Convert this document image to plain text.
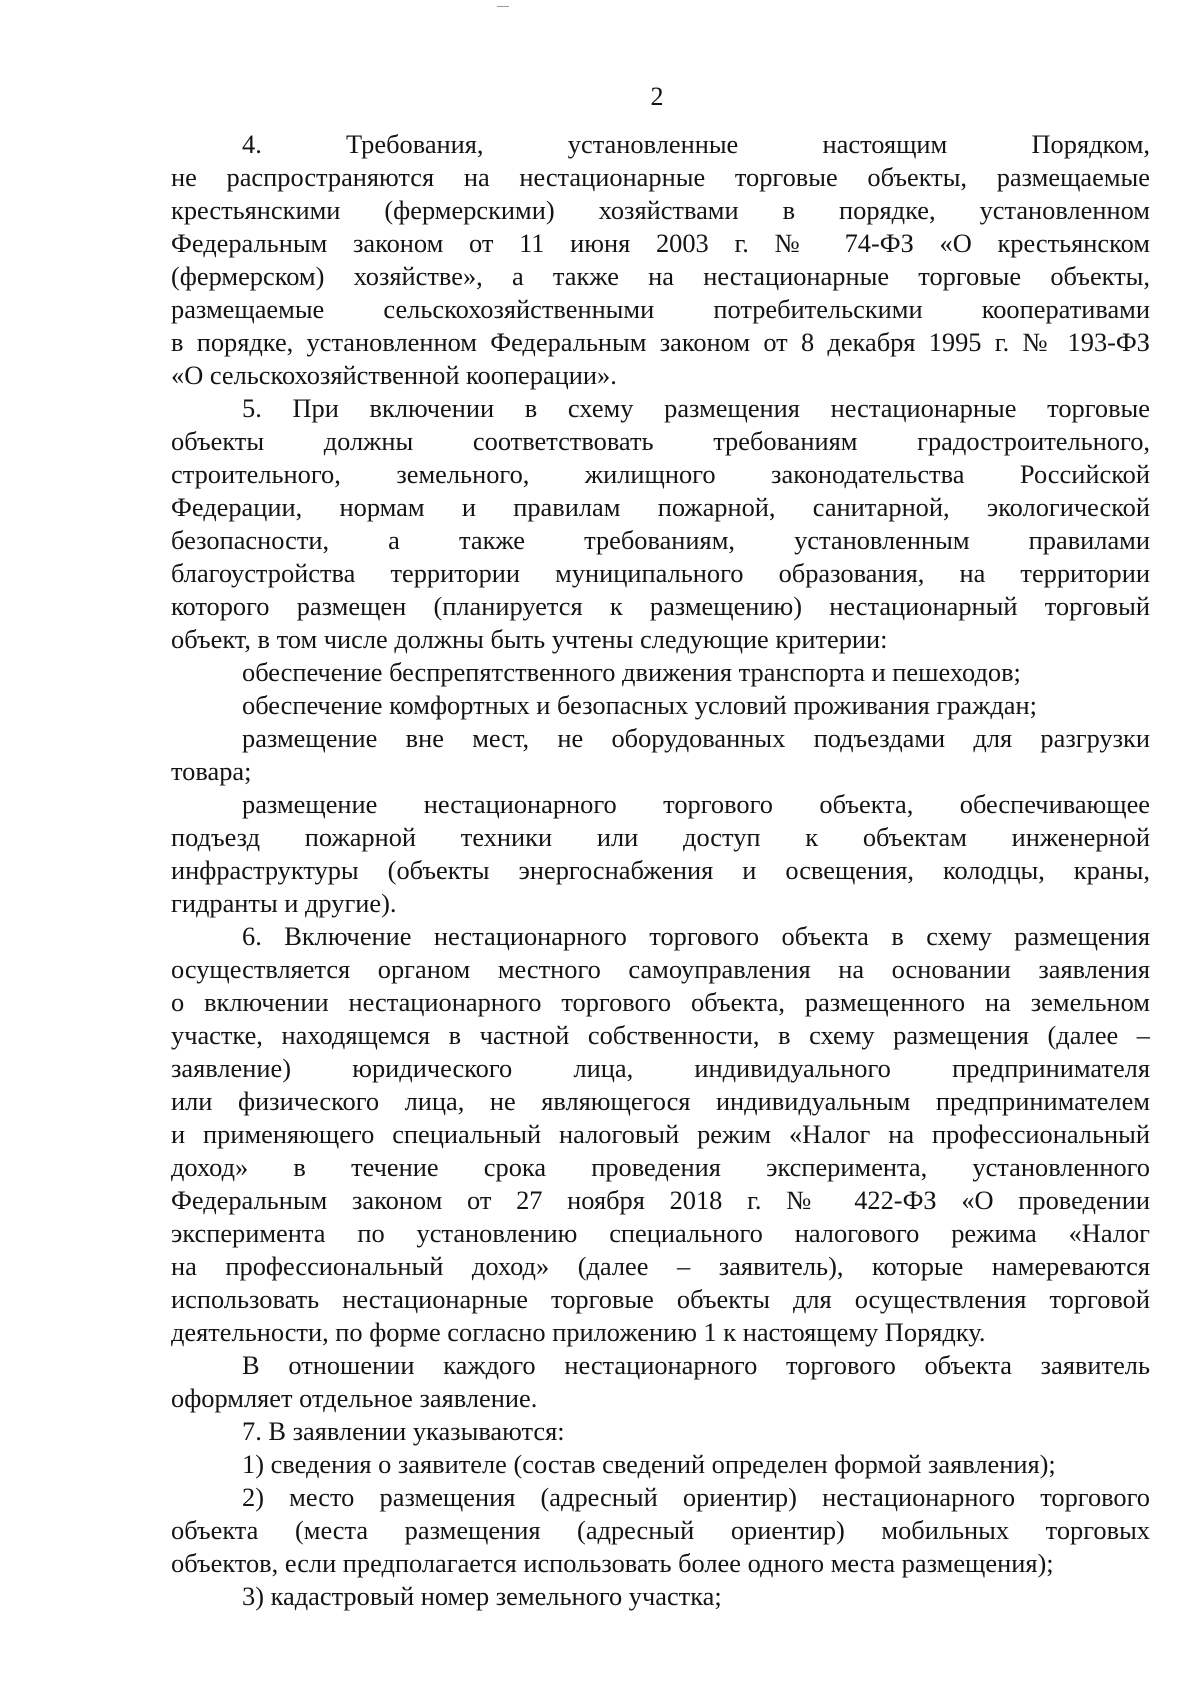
2
4.    Требования,    установленные    настоящим    Порядком,
не распространяются на нестационарные торговые объекты, размещаемые
крестьянскими (фермерскими) хозяйствами в порядке, установленном
Федеральным законом от 11 июня 2003 г. № 74-ФЗ «О крестьянском
(фермерском) хозяйстве», а также на нестационарные торговые объекты,
размещаемые сельскохозяйственными потребительскими кооперативами
в порядке, установленном Федеральным законом от 8 декабря 1995 г. № 193-ФЗ
«О сельскохозяйственной кооперации».
5. При включении в схему размещения нестационарные торговые
объекты должны соответствовать требованиям градостроительного,
строительного, земельного, жилищного законодательства Российской
Федерации, нормам и правилам пожарной, санитарной, экологической
безопасности, а также требованиям, установленным правилами
благоустройства территории муниципального образования, на территории
которого размещен (планируется к размещению) нестационарный торговый
объект, в том числе должны быть учтены следующие критерии:
обеспечение беспрепятственного движения транспорта и пешеходов;
обеспечение комфортных и безопасных условий проживания граждан;
размещение вне мест, не оборудованных подъездами для разгрузки
товара;
размещение нестационарного торгового объекта, обеспечивающее
подъезд пожарной техники или доступ к объектам инженерной
инфраструктуры (объекты энергоснабжения и освещения, колодцы, краны,
гидранты и другие).
6. Включение нестационарного торгового объекта в схему размещения
осуществляется органом местного самоуправления на основании заявления
о включении нестационарного торгового объекта, размещенного на земельном
участке, находящемся в частной собственности, в схему размещения (далее –
заявление) юридического лица, индивидуального предпринимателя
или физического лица, не являющегося индивидуальным предпринимателем
и применяющего специальный налоговый режим «Налог на профессиональный
доход» в течение срока проведения эксперимента, установленного
Федеральным законом от 27 ноября 2018 г. № 422-ФЗ «О проведении
эксперимента по установлению специального налогового режима «Налог
на профессиональный доход» (далее – заявитель), которые намереваются
использовать нестационарные торговые объекты для осуществления торговой
деятельности, по форме согласно приложению 1 к настоящему Порядку.
В отношении каждого нестационарного торгового объекта заявитель
оформляет отдельное заявление.
7. В заявлении указываются:
1) сведения о заявителе (состав сведений определен формой заявления);
2) место размещения (адресный ориентир) нестационарного торгового
объекта (места размещения (адресный ориентир) мобильных торговых
объектов, если предполагается использовать более одного места размещения);
3) кадастровый номер земельного участка;
